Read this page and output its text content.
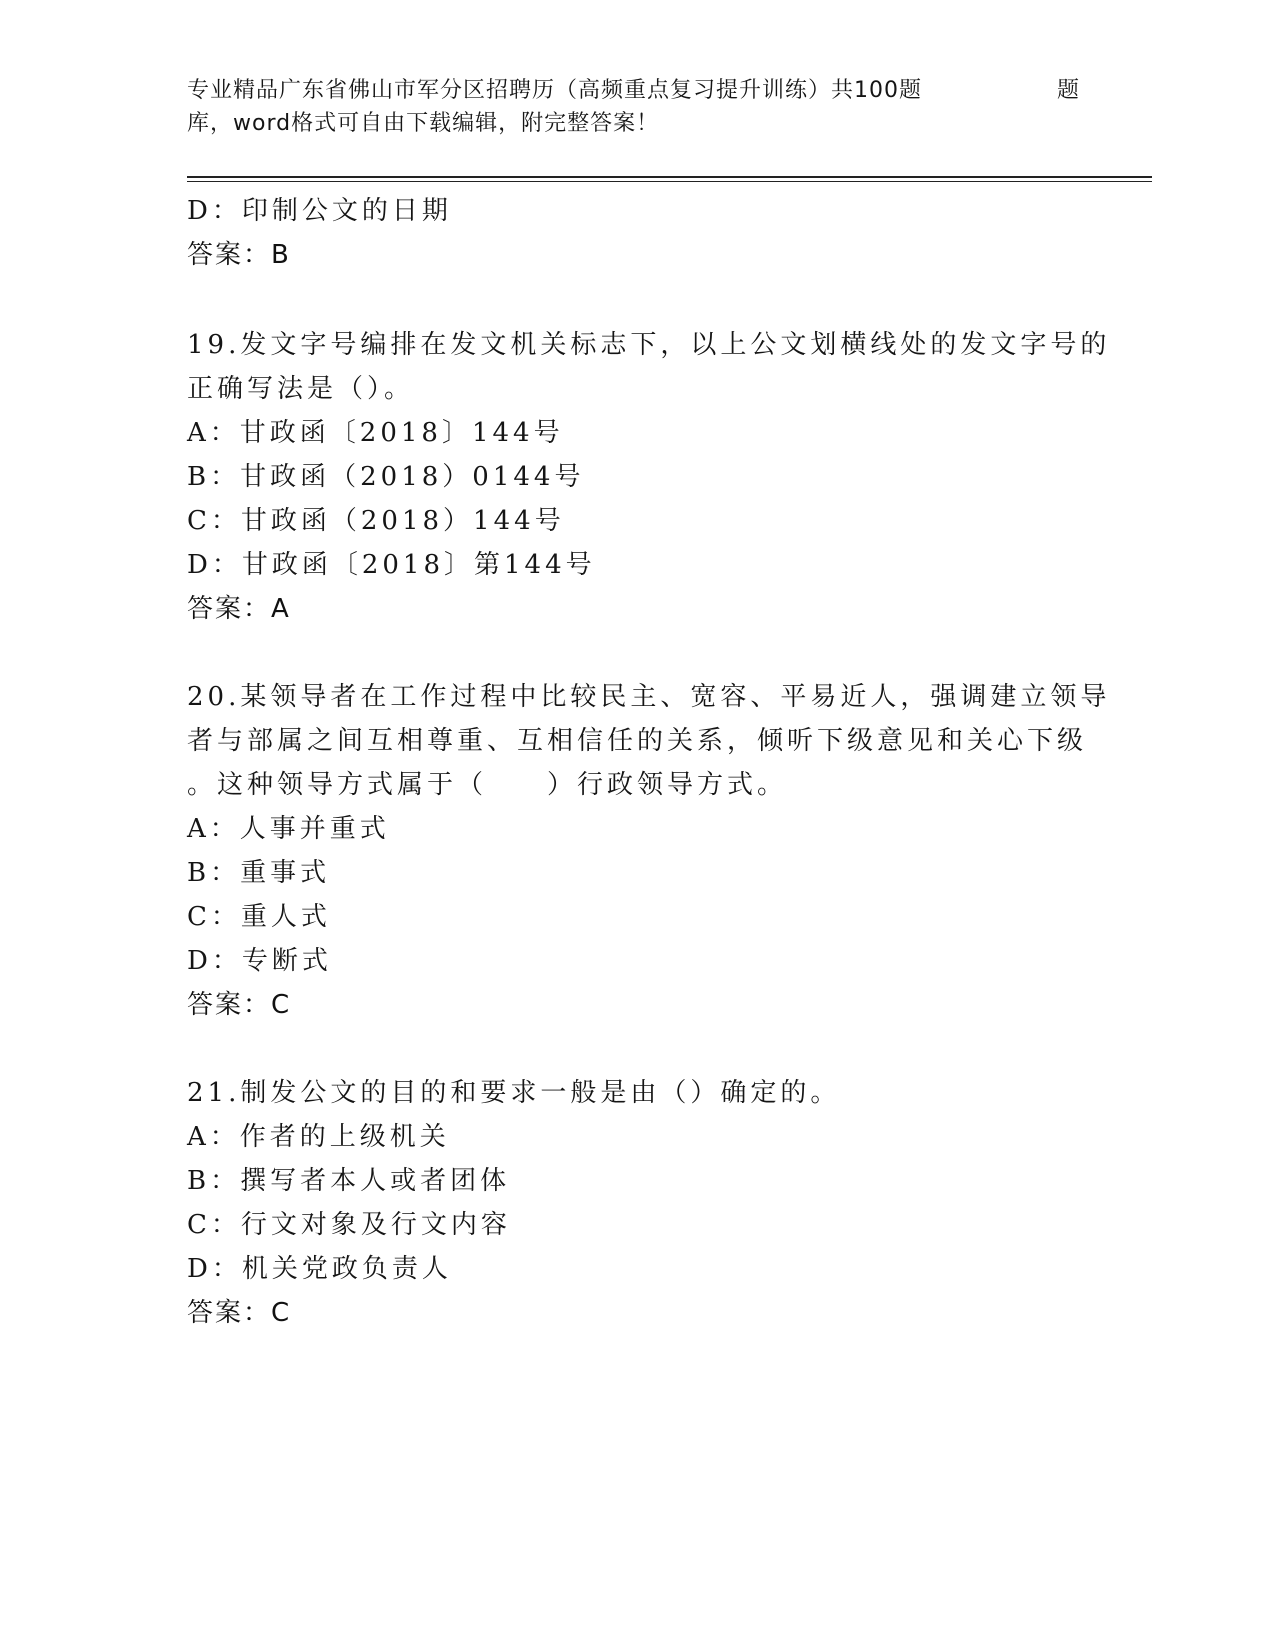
专业精品广东省佛山市军分区招聘历（高频重点复习提升训练）共100题	题
库，word格式可自由下载编辑，附完整答案！
D：印制公文的日期
答案：B
19.发文字号编排在发文机关标志下，以上公文划横线处的发文字号的
正确写法是（）。
A：甘政函〔2018〕144号
B：甘政函（2018）0144号
C：甘政函（2018）144号
D：甘政函〔2018〕第144号
答案：A
20.某领导者在工作过程中比较民主、宽容、平易近人，强调建立领导
者与部属之间互相尊重、互相信任的关系，倾听下级意见和关心下级
。这种领导方式属于（　　）行政领导方式。
A：人事并重式
B：重事式
C：重人式
D：专断式
答案：C
21.制发公文的目的和要求一般是由（）确定的。
A：作者的上级机关
B：撰写者本人或者团体
C：行文对象及行文内容
D：机关党政负责人
答案：C
